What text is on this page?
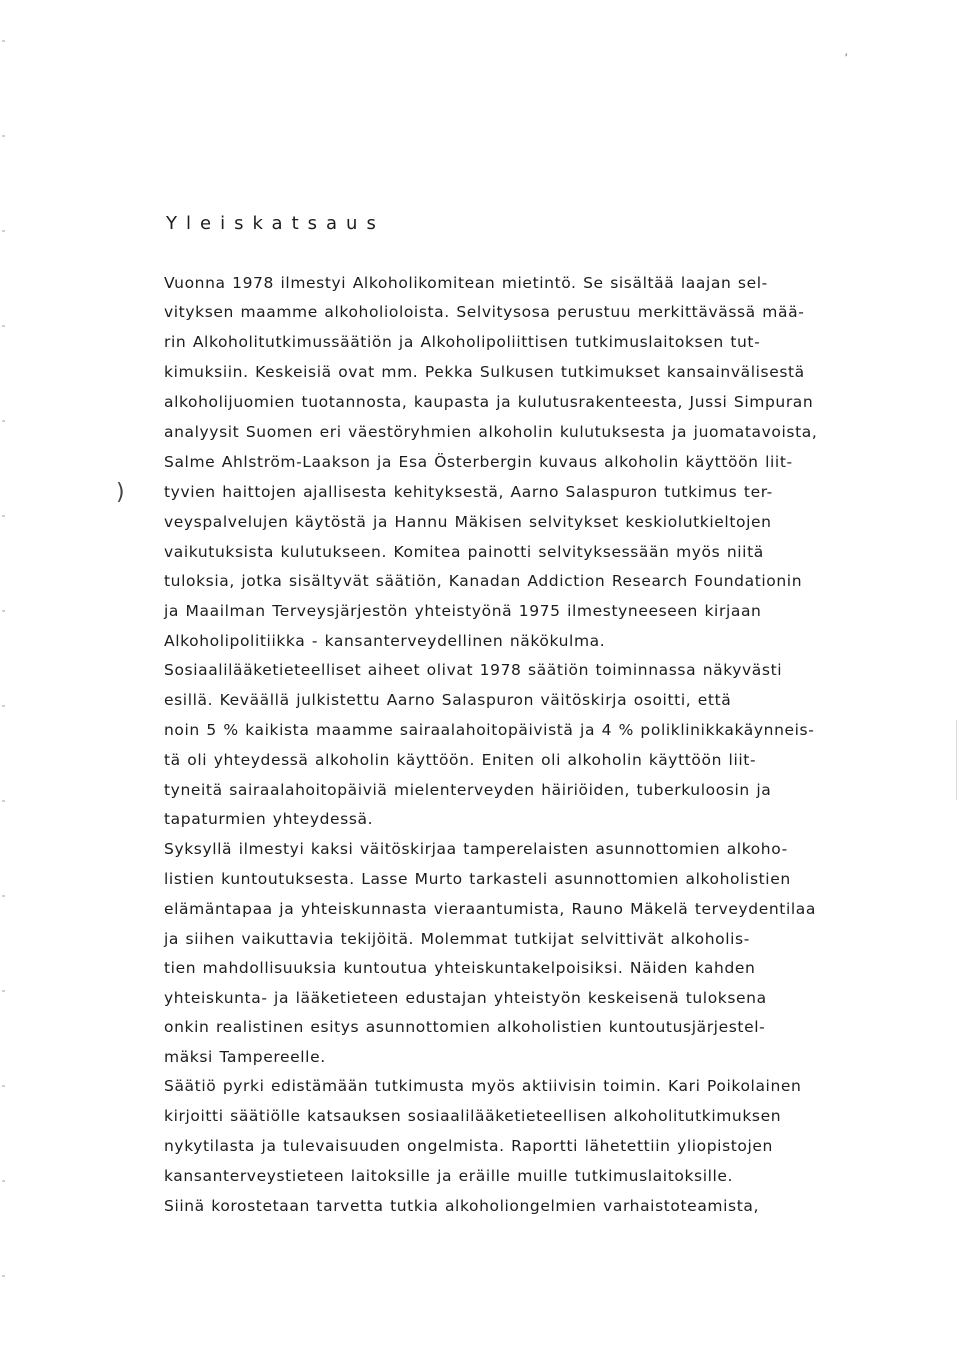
´
)
Yleiskatsaus
Vuonna 1978 ilmestyi Alkoholikomitean mietintö. Se sisältää laajan sel-
vityksen maamme alkoholioloista. Selvitysosa perustuu merkittävässä mää-
rin Alkoholitutkimussäätiön ja Alkoholipoliittisen tutkimuslaitoksen tut-
kimuksiin. Keskeisiä ovat mm. Pekka Sulkusen tutkimukset kansainvälisestä
alkoholijuomien tuotannosta, kaupasta ja kulutusrakenteesta, Jussi Simpuran
analyysit Suomen eri väestöryhmien alkoholin kulutuksesta ja juomatavoista,
Salme Ahlström-Laakson ja Esa Österbergin kuvaus alkoholin käyttöön liit-
tyvien haittojen ajallisesta kehityksestä, Aarno Salaspuron tutkimus ter-
veyspalvelujen käytöstä ja Hannu Mäkisen selvitykset keskiolutkieltojen
vaikutuksista kulutukseen. Komitea painotti selvityksessään myös niitä
tuloksia, jotka sisältyvät säätiön, Kanadan Addiction Research Foundationin
ja Maailman Terveysjärjestön yhteistyönä 1975 ilmestyneeseen kirjaan
Alkoholipolitiikka - kansanterveydellinen näkökulma.
Sosiaalilääketieteelliset aiheet olivat 1978 säätiön toiminnassa näkyvästi
esillä. Keväällä julkistettu Aarno Salaspuron väitöskirja osoitti, että
noin 5 % kaikista maamme sairaalahoitopäivistä ja 4 % poliklinikkakäynneis-
tä oli yhteydessä alkoholin käyttöön. Eniten oli alkoholin käyttöön liit-
tyneitä sairaalahoitopäiviä mielenterveyden häiriöiden, tuberkuloosin ja
tapaturmien yhteydessä.
Syksyllä ilmestyi kaksi väitöskirjaa tamperelaisten asunnottomien alkoho-
listien kuntoutuksesta. Lasse Murto tarkasteli asunnottomien alkoholistien
elämäntapaa ja yhteiskunnasta vieraantumista, Rauno Mäkelä terveydentilaa
ja siihen vaikuttavia tekijöitä. Molemmat tutkijat selvittivät alkoholis-
tien mahdollisuuksia kuntoutua yhteiskuntakelpoisiksi. Näiden kahden
yhteiskunta- ja lääketieteen edustajan yhteistyön keskeisenä tuloksena
onkin realistinen esitys asunnottomien alkoholistien kuntoutusjärjestel-
mäksi Tampereelle.
Säätiö pyrki edistämään tutkimusta myös aktiivisin toimin. Kari Poikolainen
kirjoitti säätiölle katsauksen sosiaalilääketieteellisen alkoholitutkimuksen
nykytilasta ja tulevaisuuden ongelmista. Raportti lähetettiin yliopistojen
kansanterveystieteen laitoksille ja eräille muille tutkimuslaitoksille.
Siinä korostetaan tarvetta tutkia alkoholiongelmien varhaistoteamista,
